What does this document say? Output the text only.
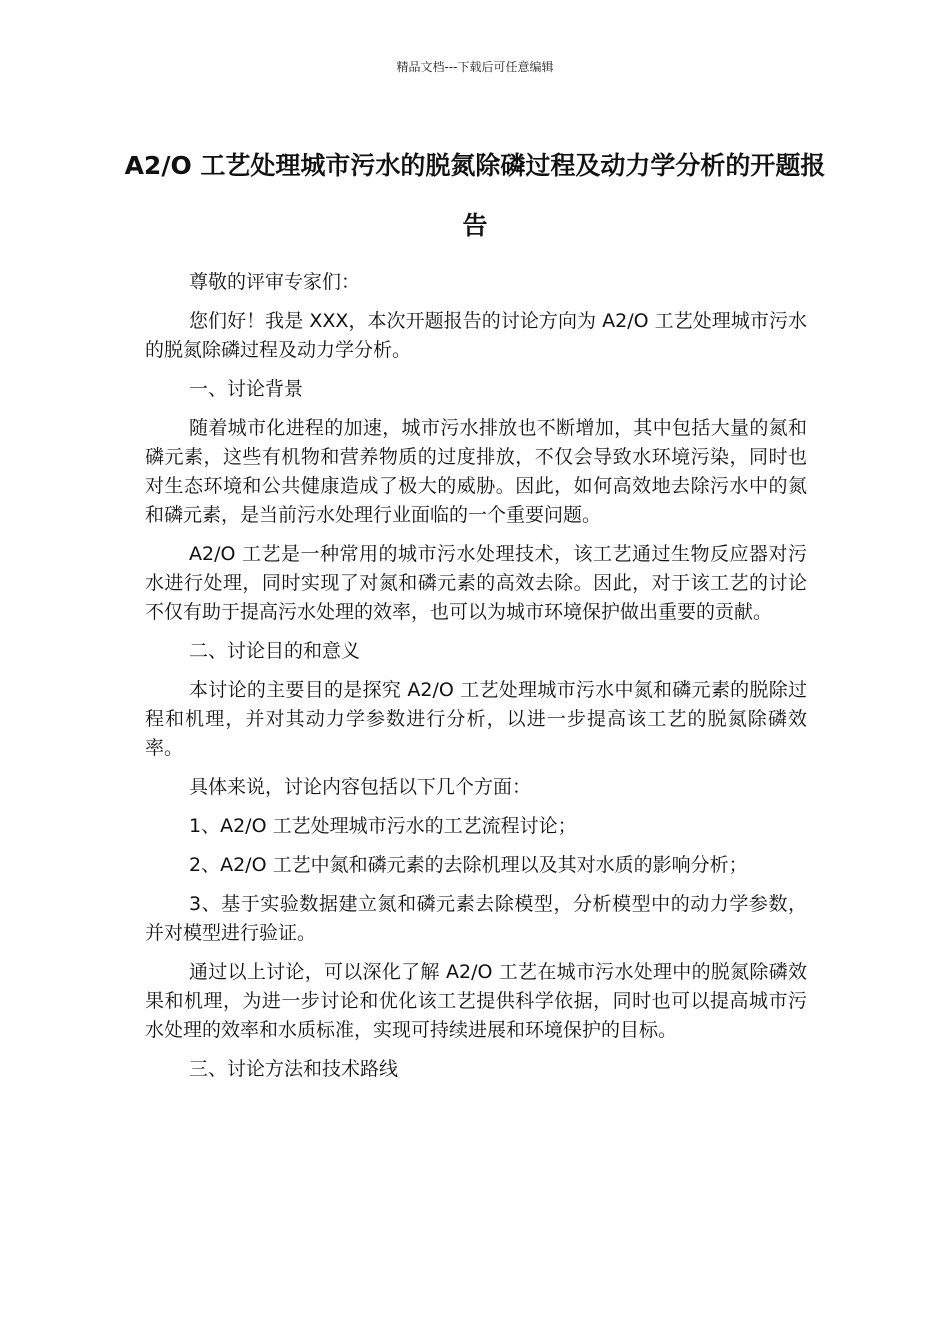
精品文档---下载后可任意编辑
A2/O 工艺处理城市污水的脱氮除磷过程及动力学分析的开题报告

尊敬的评审专家们：

您们好！我是 XXX，本次开题报告的讨论方向为 A2/O 工艺处理城市污水的脱氮除磷过程及动力学分析。

一、讨论背景

随着城市化进程的加速，城市污水排放也不断增加，其中包括大量的氮和磷元素，这些有机物和营养物质的过度排放，不仅会导致水环境污染，同时也对生态环境和公共健康造成了极大的威胁。因此，如何高效地去除污水中的氮和磷元素，是当前污水处理行业面临的一个重要问题。

A2/O 工艺是一种常用的城市污水处理技术，该工艺通过生物反应器对污水进行处理，同时实现了对氮和磷元素的高效去除。因此，对于该工艺的讨论不仅有助于提高污水处理的效率，也可以为城市环境保护做出重要的贡献。

二、讨论目的和意义

本讨论的主要目的是探究 A2/O 工艺处理城市污水中氮和磷元素的脱除过程和机理，并对其动力学参数进行分析，以进一步提高该工艺的脱氮除磷效率。

具体来说，讨论内容包括以下几个方面：

1、A2/O 工艺处理城市污水的工艺流程讨论；

2、A2/O 工艺中氮和磷元素的去除机理以及其对水质的影响分析；

3、基于实验数据建立氮和磷元素去除模型，分析模型中的动力学参数，并对模型进行验证。

通过以上讨论，可以深化了解 A2/O 工艺在城市污水处理中的脱氮除磷效果和机理，为进一步讨论和优化该工艺提供科学依据，同时也可以提高城市污水处理的效率和水质标准，实现可持续进展和环境保护的目标。

三、讨论方法和技术路线
